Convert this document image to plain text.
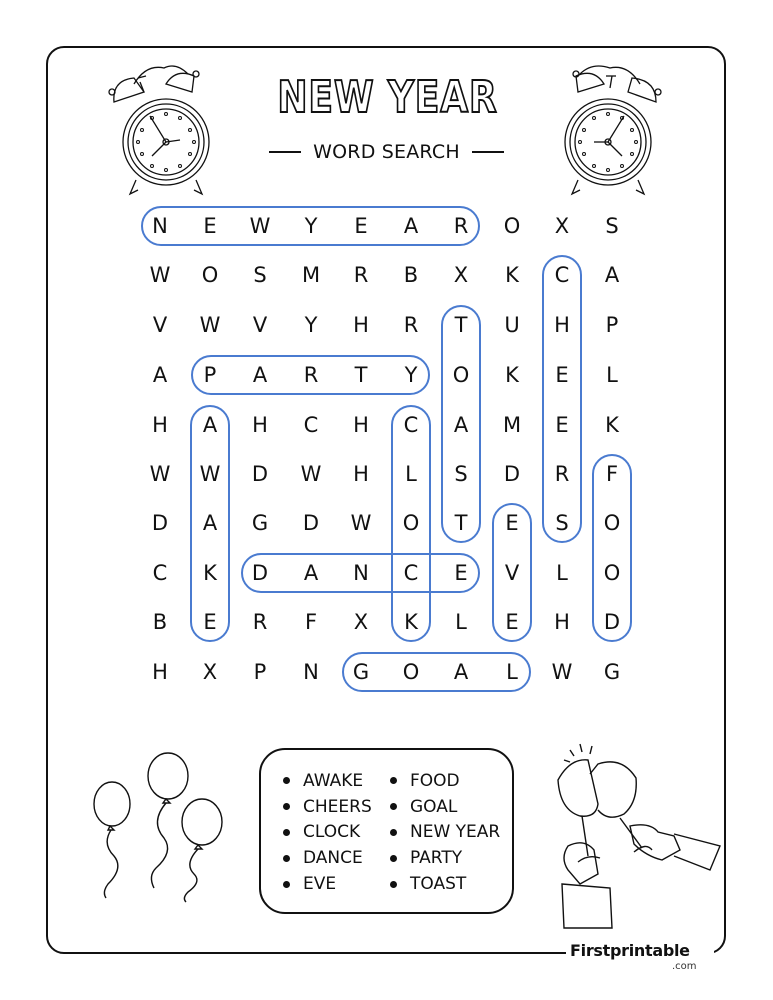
NEW YEAR
WORD SEARCH
N	E	W	Y	E	A	R	O	X	S
W	O	S	M	R	B	X	K	C	A
V	W	V	Y	H	R	T	U	H	P
A	P	A	R	T	Y	O	K	E	L
H	A	H	C	H	C	A	M	E	K
W	W	D	W	H	L	S	D	R	F
D	A	G	D	W	O	T	E	S	O
C	K	D	A	N	C	E	V	L	O
B	E	R	F	X	K	L	E	H	D
H	X	P	N	G	O	A	L	W	G
AWAKE
CHEERS
CLOCK
DANCE
EVE
FOOD
GOAL
NEW YEAR
PARTY
TOAST
Firstprintable
.com
